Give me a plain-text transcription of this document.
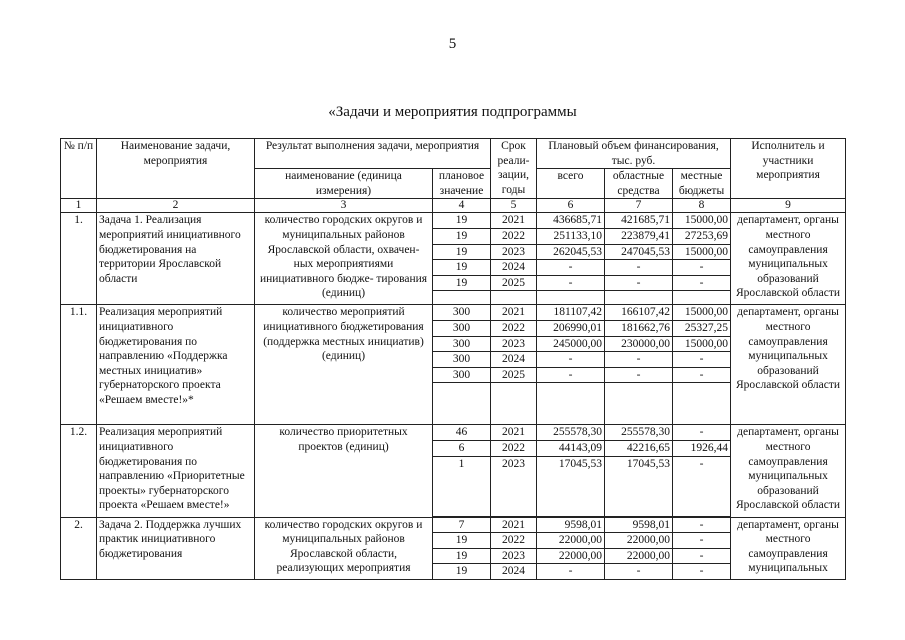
5
«Задачи и мероприятия подпрограммы
№ п/п	Наименование задачи, мероприятия	Результат выполнения задачи, мероприятия		Срок реали- зации, годы	Плановый объем финансирования, тыс. руб.			Исполнитель и участники мероприятия
		наименование (единица измерения)	плановое значение		всего	областные средства	местные бюджеты	
1	2	3	4	5	6	7	8	9
1.	Задача 1. Реализация мероприятий инициативного бюджетирования на территории Ярославской области	количество городских округов и муниципальных районов Ярославской области, охвачен- ных мероприятиями инициативного бюдже- тирования (единиц)	19	2021	436685,71	421685,71	15000,00	департамент, органы местного самоуправления муниципальных образований Ярославской области
			19	2022	251133,10	223879,41	27253,69	
			19	2023	262045,53	247045,53	15000,00	
			19	2024	-	-	-	
			19	2025	-	-	-	

1.1.	Реализация мероприятий инициативного бюджетирования по направлению «Поддержка местных инициатив» губернаторского проекта «Решаем вместе!»*	количество мероприятий инициативного бюджетирования (поддержка местных инициатив) (единиц)	300	2021	181107,42	166107,42	15000,00	департамент, органы местного самоуправления муниципальных образований Ярославской области
			300	2022	206990,01	181662,76	25327,25	
			300	2023	245000,00	230000,00	15000,00	
			300	2024	-	-	-	
			300	2025	-	-	-	

1.2.	Реализация мероприятий инициативного бюджетирования по направлению «Приоритетные проекты» губернаторского проекта «Решаем вместе!»	количество приоритетных проектов (единиц)	46	2021	255578,30	255578,30	-	департамент, органы местного самоуправления муниципальных образований Ярославской области
			6	2022	44143,09	42216,65	1926,44	
			1	2023	17045,53	17045,53	-	

2.	Задача 2. Поддержка лучших практик инициативного бюджетирования	количество городских округов и муниципальных районов Ярославской области, реализующих мероприятия	7	2021	9598,01	9598,01	-	департамент, органы местного самоуправления муниципальных
			19	2022	22000,00	22000,00	-	
			19	2023	22000,00	22000,00	-	
			19	2024	-	-	-	
